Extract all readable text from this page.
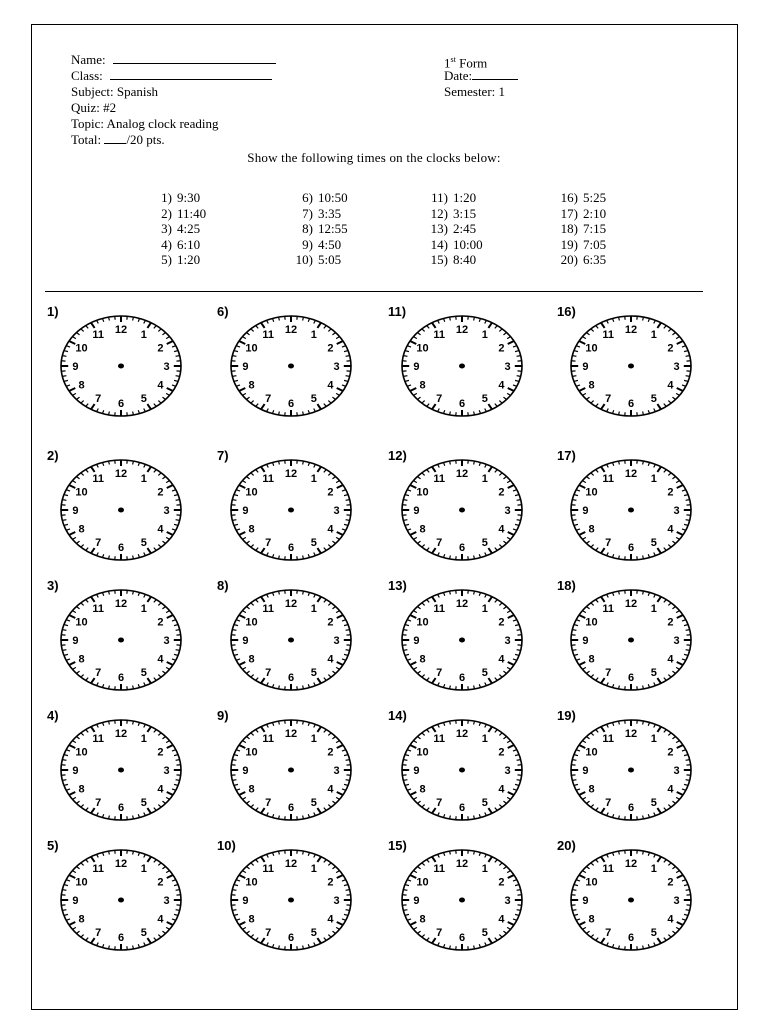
Name:
Class:
Subject: Spanish
Quiz: #2
Topic: Analog clock reading
Total: /20 pts.
1st Form
Date:
Semester: 1
Show the following times on the clocks below:
1) 9:30
2) 11:40
3) 4:25
4) 6:10
5) 1:20
6) 10:50
7) 3:35
8) 12:55
9) 4:50
10) 5:05
11) 1:20
12) 3:15
13) 2:45
14) 10:00
15) 8:40
16) 5:25
17) 2:10
18) 7:15
19) 7:05
20) 6:35
1)
12 1
2
3
4
5
6
7
8
9
10
11
2)
12 1
2
3
4
5
6
7
8
9
10
11
3)
12 1
2
3
4
5
6
7
8
9
10
11
4)
12 1
2
3
4
5
6
7
8
9
10
11
5)
12 1
2
3
4
5
6
7
8
9
10
11
6)
12 1
2
3
4
5
6
7
8
9
10
11
7)
12 1
2
3
4
5
6
7
8
9
10
11
8)
12 1
2
3
4
5
6
7
8
9
10
11
9)
12 1
2
3
4
5
6
7
8
9
10
11
10)
12 1
2
3
4
5
6
7
8
9
10
11
11)
12 1
2
3
4
5
6
7
8
9
10
11
12)
12 1
2
3
4
5
6
7
8
9
10
11
13)
12 1
2
3
4
5
6
7
8
9
10
11
14)
12 1
2
3
4
5
6
7
8
9
10
11
15)
12 1
2
3
4
5
6
7
8
9
10
11
16)
12 1
2
3
4
5
6
7
8
9
10
11
17)
12 1
2
3
4
5
6
7
8
9
10
11
18)
12 1
2
3
4
5
6
7
8
9
10
11
19)
12 1
2
3
4
5
6
7
8
9
10
11
20)
12 1
2
3
4
5
6
7
8
9
10
11
